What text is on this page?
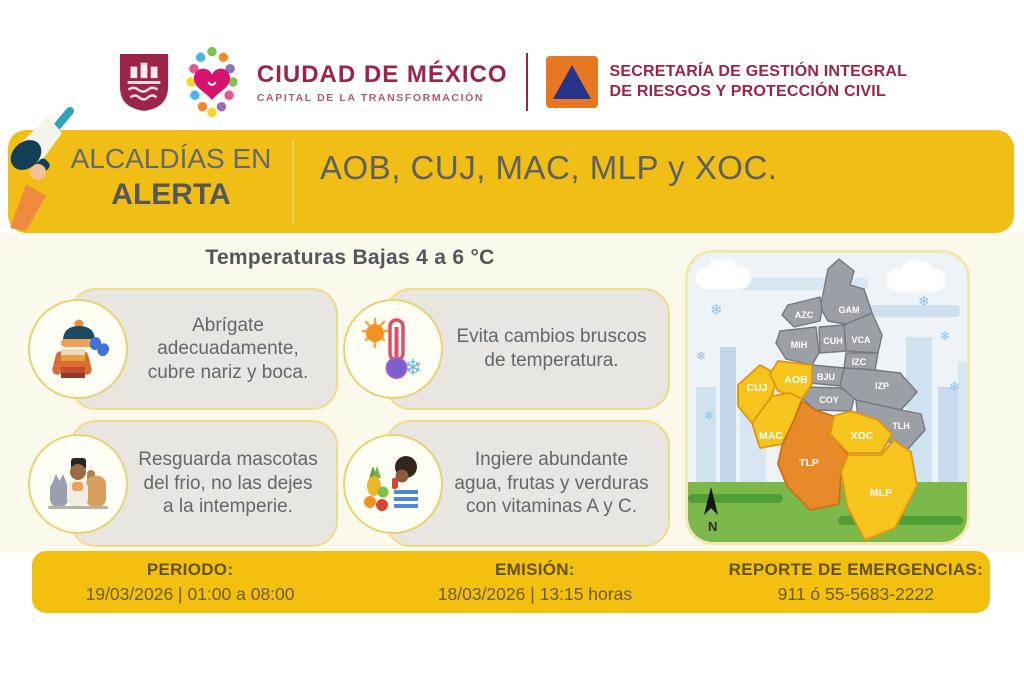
CIUDAD DE MÉXICO
CAPITAL DE LA TRANSFORMACIÓN
SECRETARÍA DE GESTIÓN INTEGRAL
DE RIESGOS Y PROTECCIÓN CIVIL
ALCALDÍAS EN
ALERTA
AOB, CUJ, MAC, MLP y XOC.
Temperaturas Bajas 4 a 6 °C
Abrígate adecuadamente, cubre nariz y boca.	❄
Evita cambios bruscos de temperatura.
Resguarda mascotas del frio, no las dejes a la intemperie.
Ingiere abundante agua, frutas y verduras con vitaminas A y C.
❄
❄
❄
❄
❄
❄
AZC	GAM
MIH CUH VCA
IZC
BJU
COY
IZP
TLH
CUJ
AOB
MAC	XOC
MLP
TLP
N
PERIODO:
19/03/2026 | 01:00 a 08:00
EMISIÓN:
18/03/2026 | 13:15 horas
REPORTE DE EMERGENCIAS:
911 ó 55-5683-2222
